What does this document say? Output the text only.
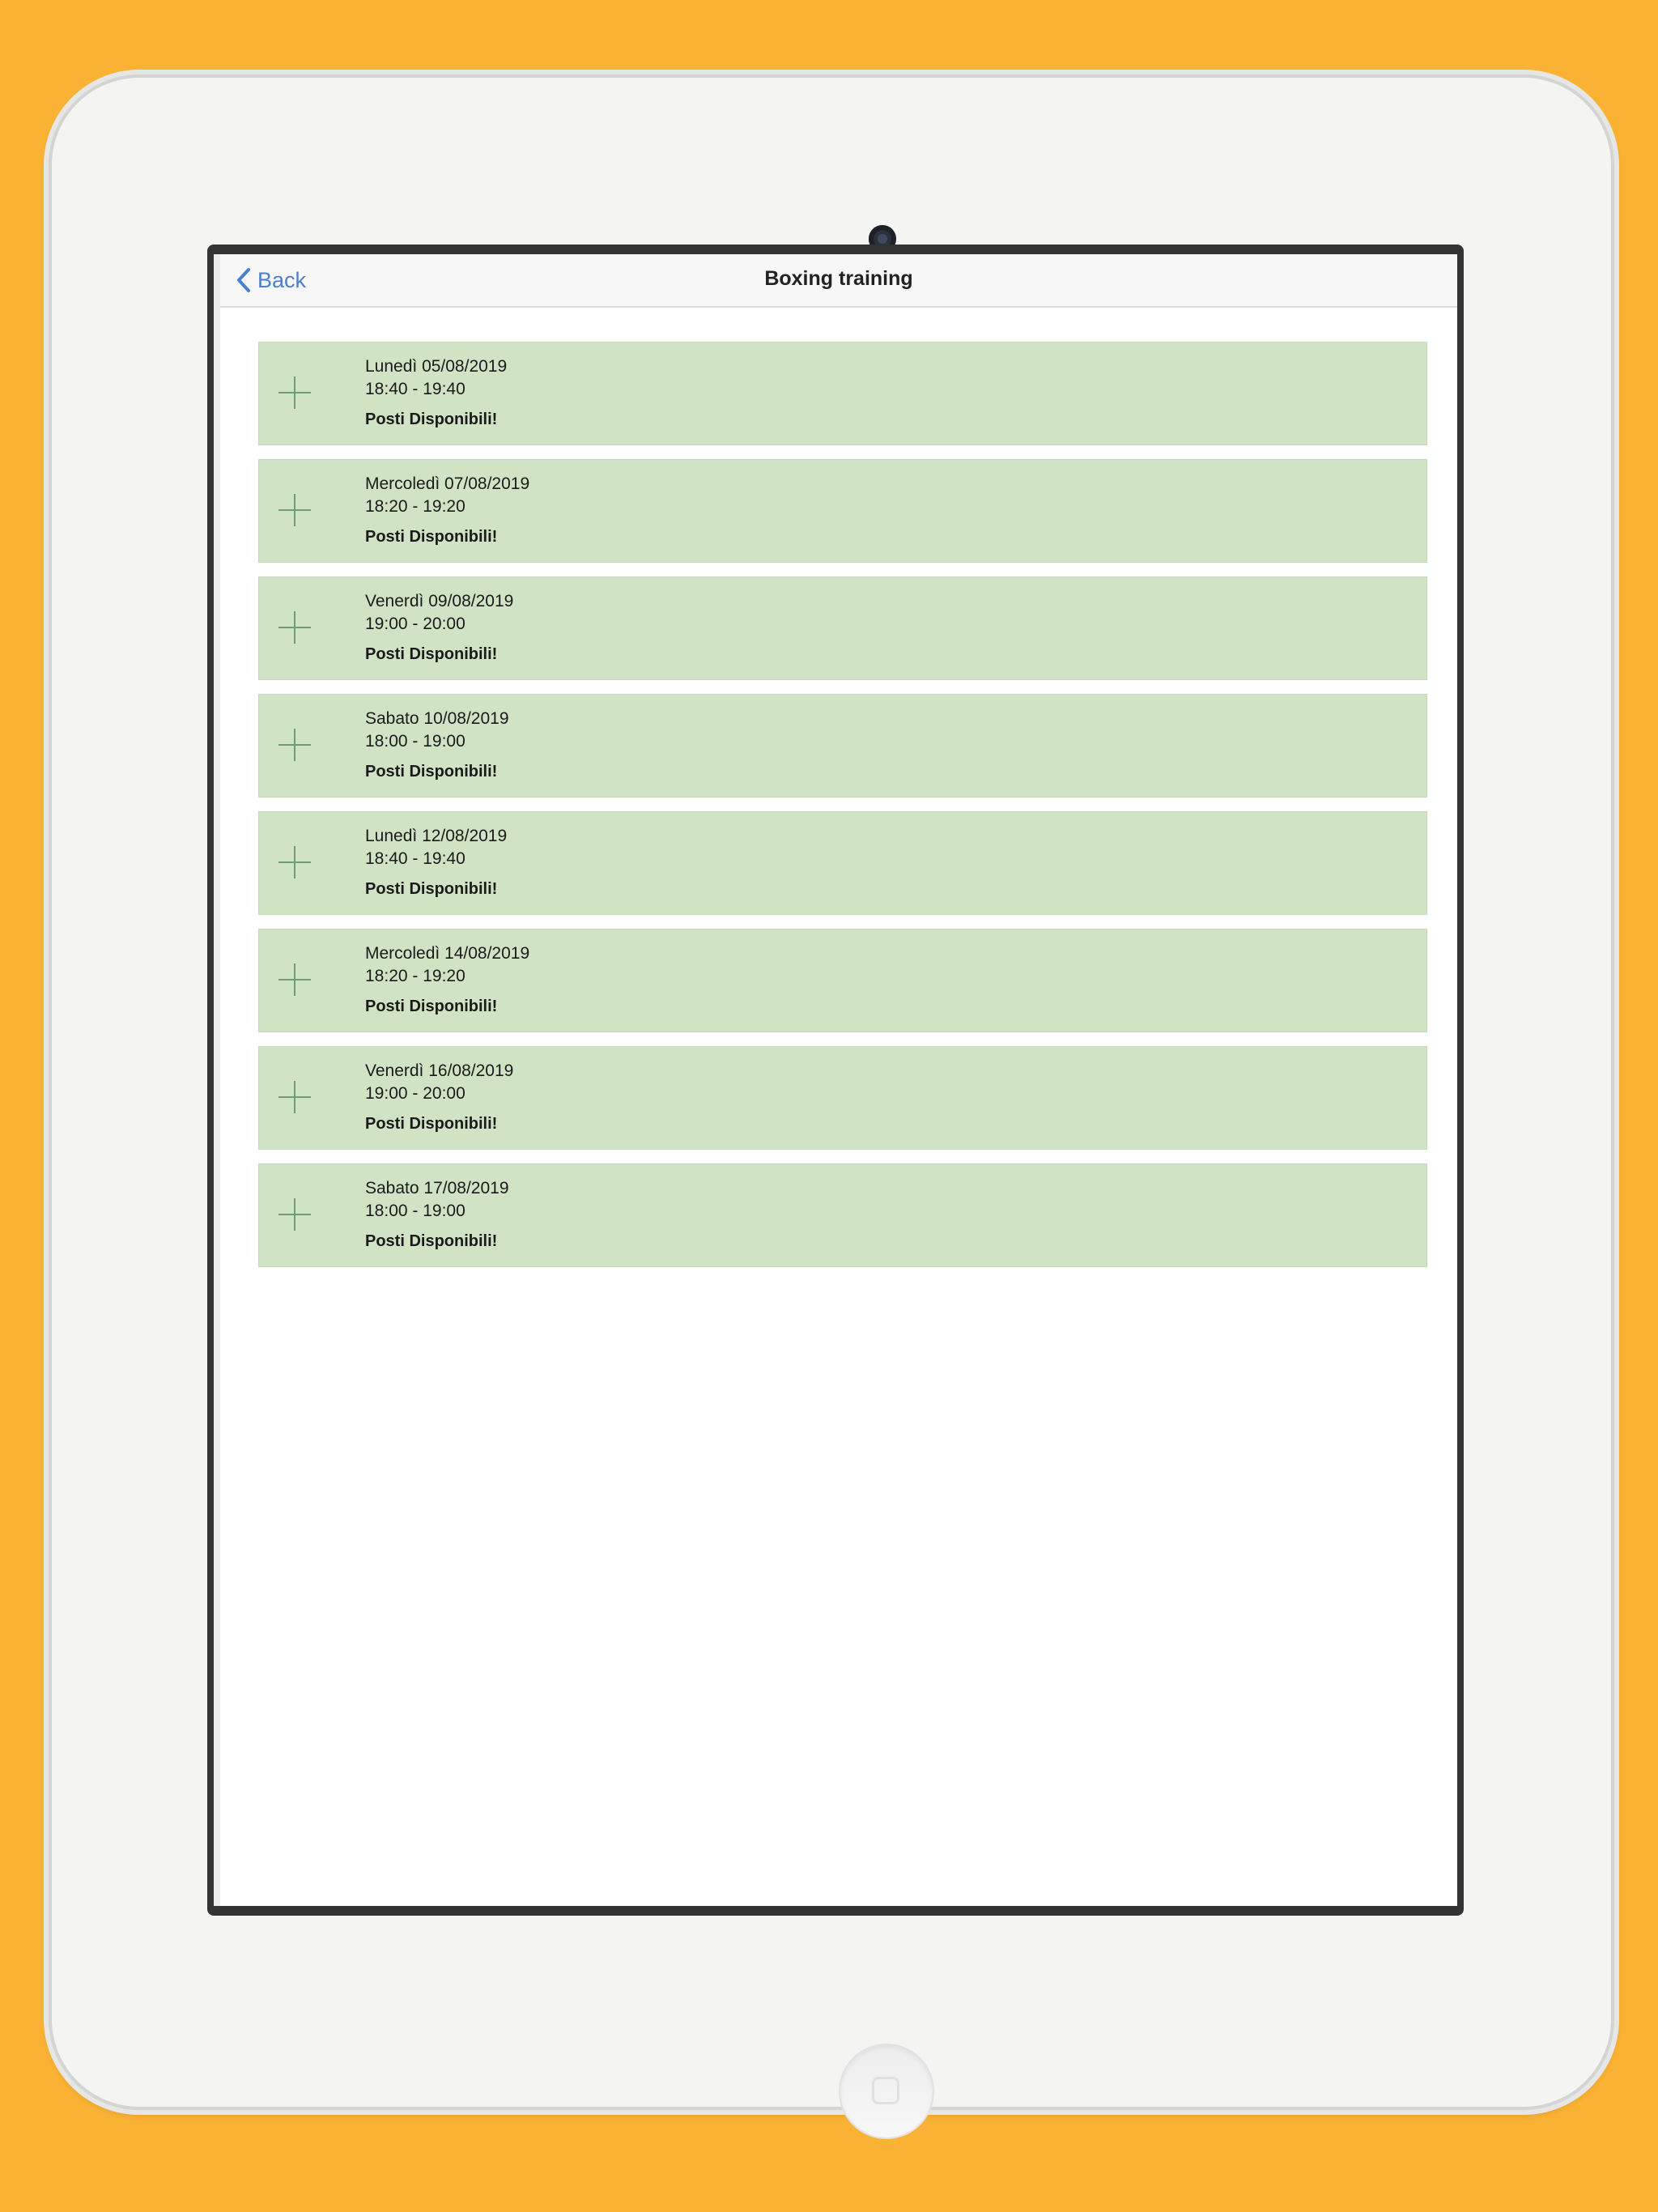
Back	Boxing training
Lunedì 05/08/2019
18:40 - 19:40
Posti Disponibili!
Mercoledì 07/08/2019
18:20 - 19:20
Posti Disponibili!
Venerdì 09/08/2019
19:00 - 20:00
Posti Disponibili!
Sabato 10/08/2019
18:00 - 19:00
Posti Disponibili!
Lunedì 12/08/2019
18:40 - 19:40
Posti Disponibili!
Mercoledì 14/08/2019
18:20 - 19:20
Posti Disponibili!
Venerdì 16/08/2019
19:00 - 20:00
Posti Disponibili!
Sabato 17/08/2019
18:00 - 19:00
Posti Disponibili!
